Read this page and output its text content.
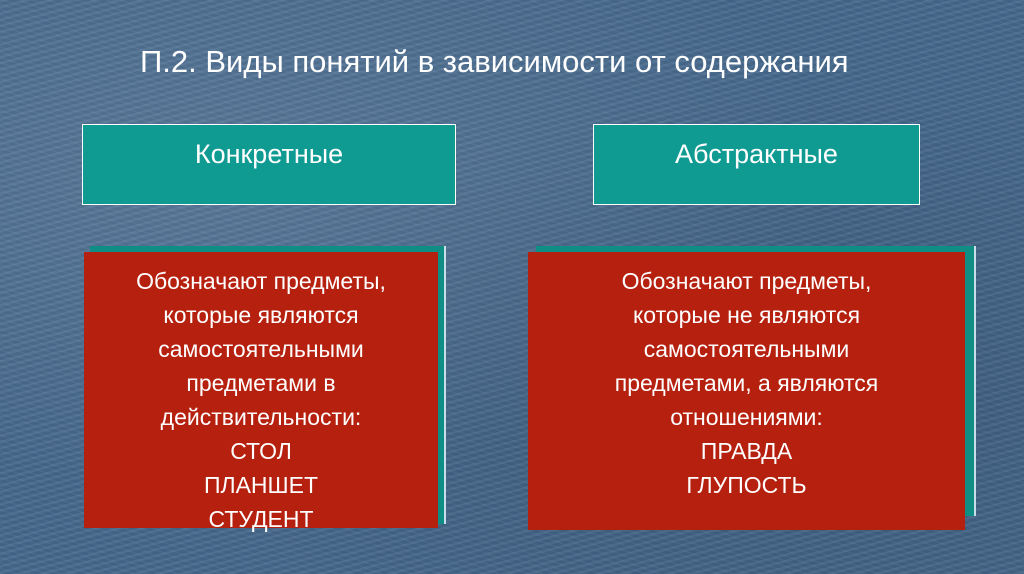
П.2. Виды понятий в зависимости от содержания
Конкретные	Абстрактные
Обозначают предметы,
которые являются
самостоятельными
предметами в
действительности:
СТОЛ
ПЛАНШЕТ
СТУДЕНТ
Обозначают предметы,
которые не являются
самостоятельными
предметами, а являются
отношениями:
ПРАВДА
ГЛУПОСТЬ
